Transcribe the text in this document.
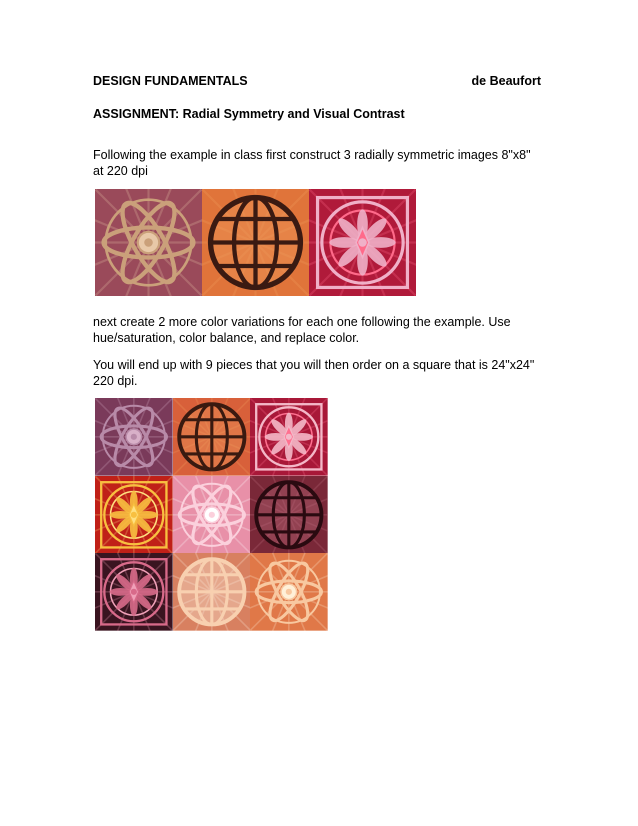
DESIGN FUNDAMENTALS	de Beaufort
ASSIGNMENT: Radial Symmetry and Visual Contrast
Following the example in class first construct 3 radially symmetric images 8"x8" at 220 dpi
next create 2 more color variations for each one following the example. Use hue/saturation, color balance, and replace color.
You will end up with 9 pieces that you will then order on a square that is 24"x24" 220 dpi.
